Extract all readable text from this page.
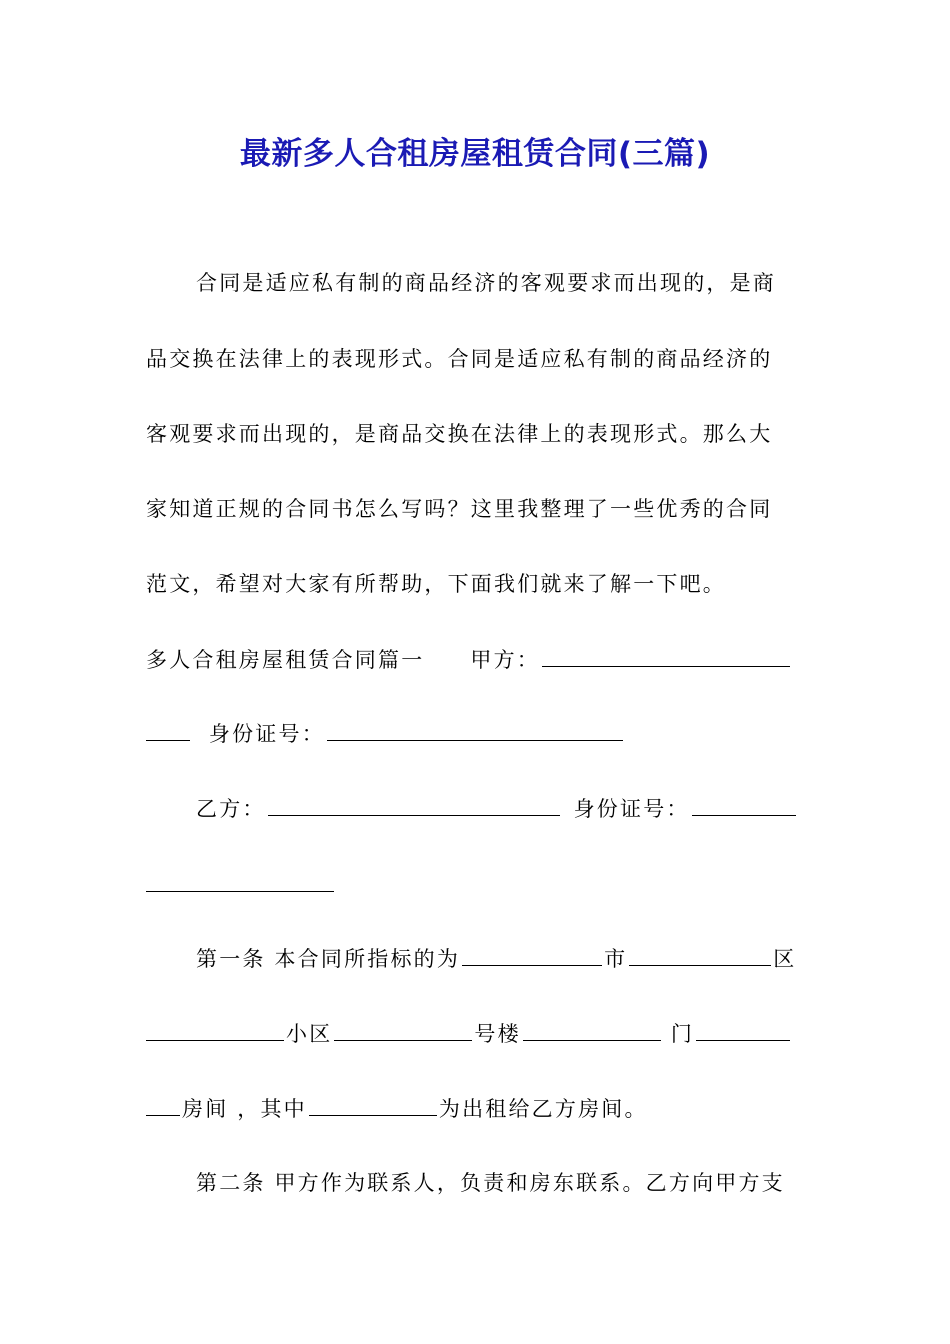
最新多人合租房屋租赁合同(三篇)
合同是适应私有制的商品经济的客观要求而出现的，是商
品交换在法律上的表现形式。合同是适应私有制的商品经济的
客观要求而出现的，是商品交换在法律上的表现形式。那么大
家知道正规的合同书怎么写吗？这里我整理了一些优秀的合同
范文，希望对大家有所帮助，下面我们就来了解一下吧。
多人合租房屋租赁合同篇一 甲方：
身份证号：
乙方：	身份证号：
第一条 本合同所指标的为	市	区
小区	号楼	门
房间 ，其中	为出租给乙方房间。
第二条 甲方作为联系人，负责和房东联系。乙方向甲方支
